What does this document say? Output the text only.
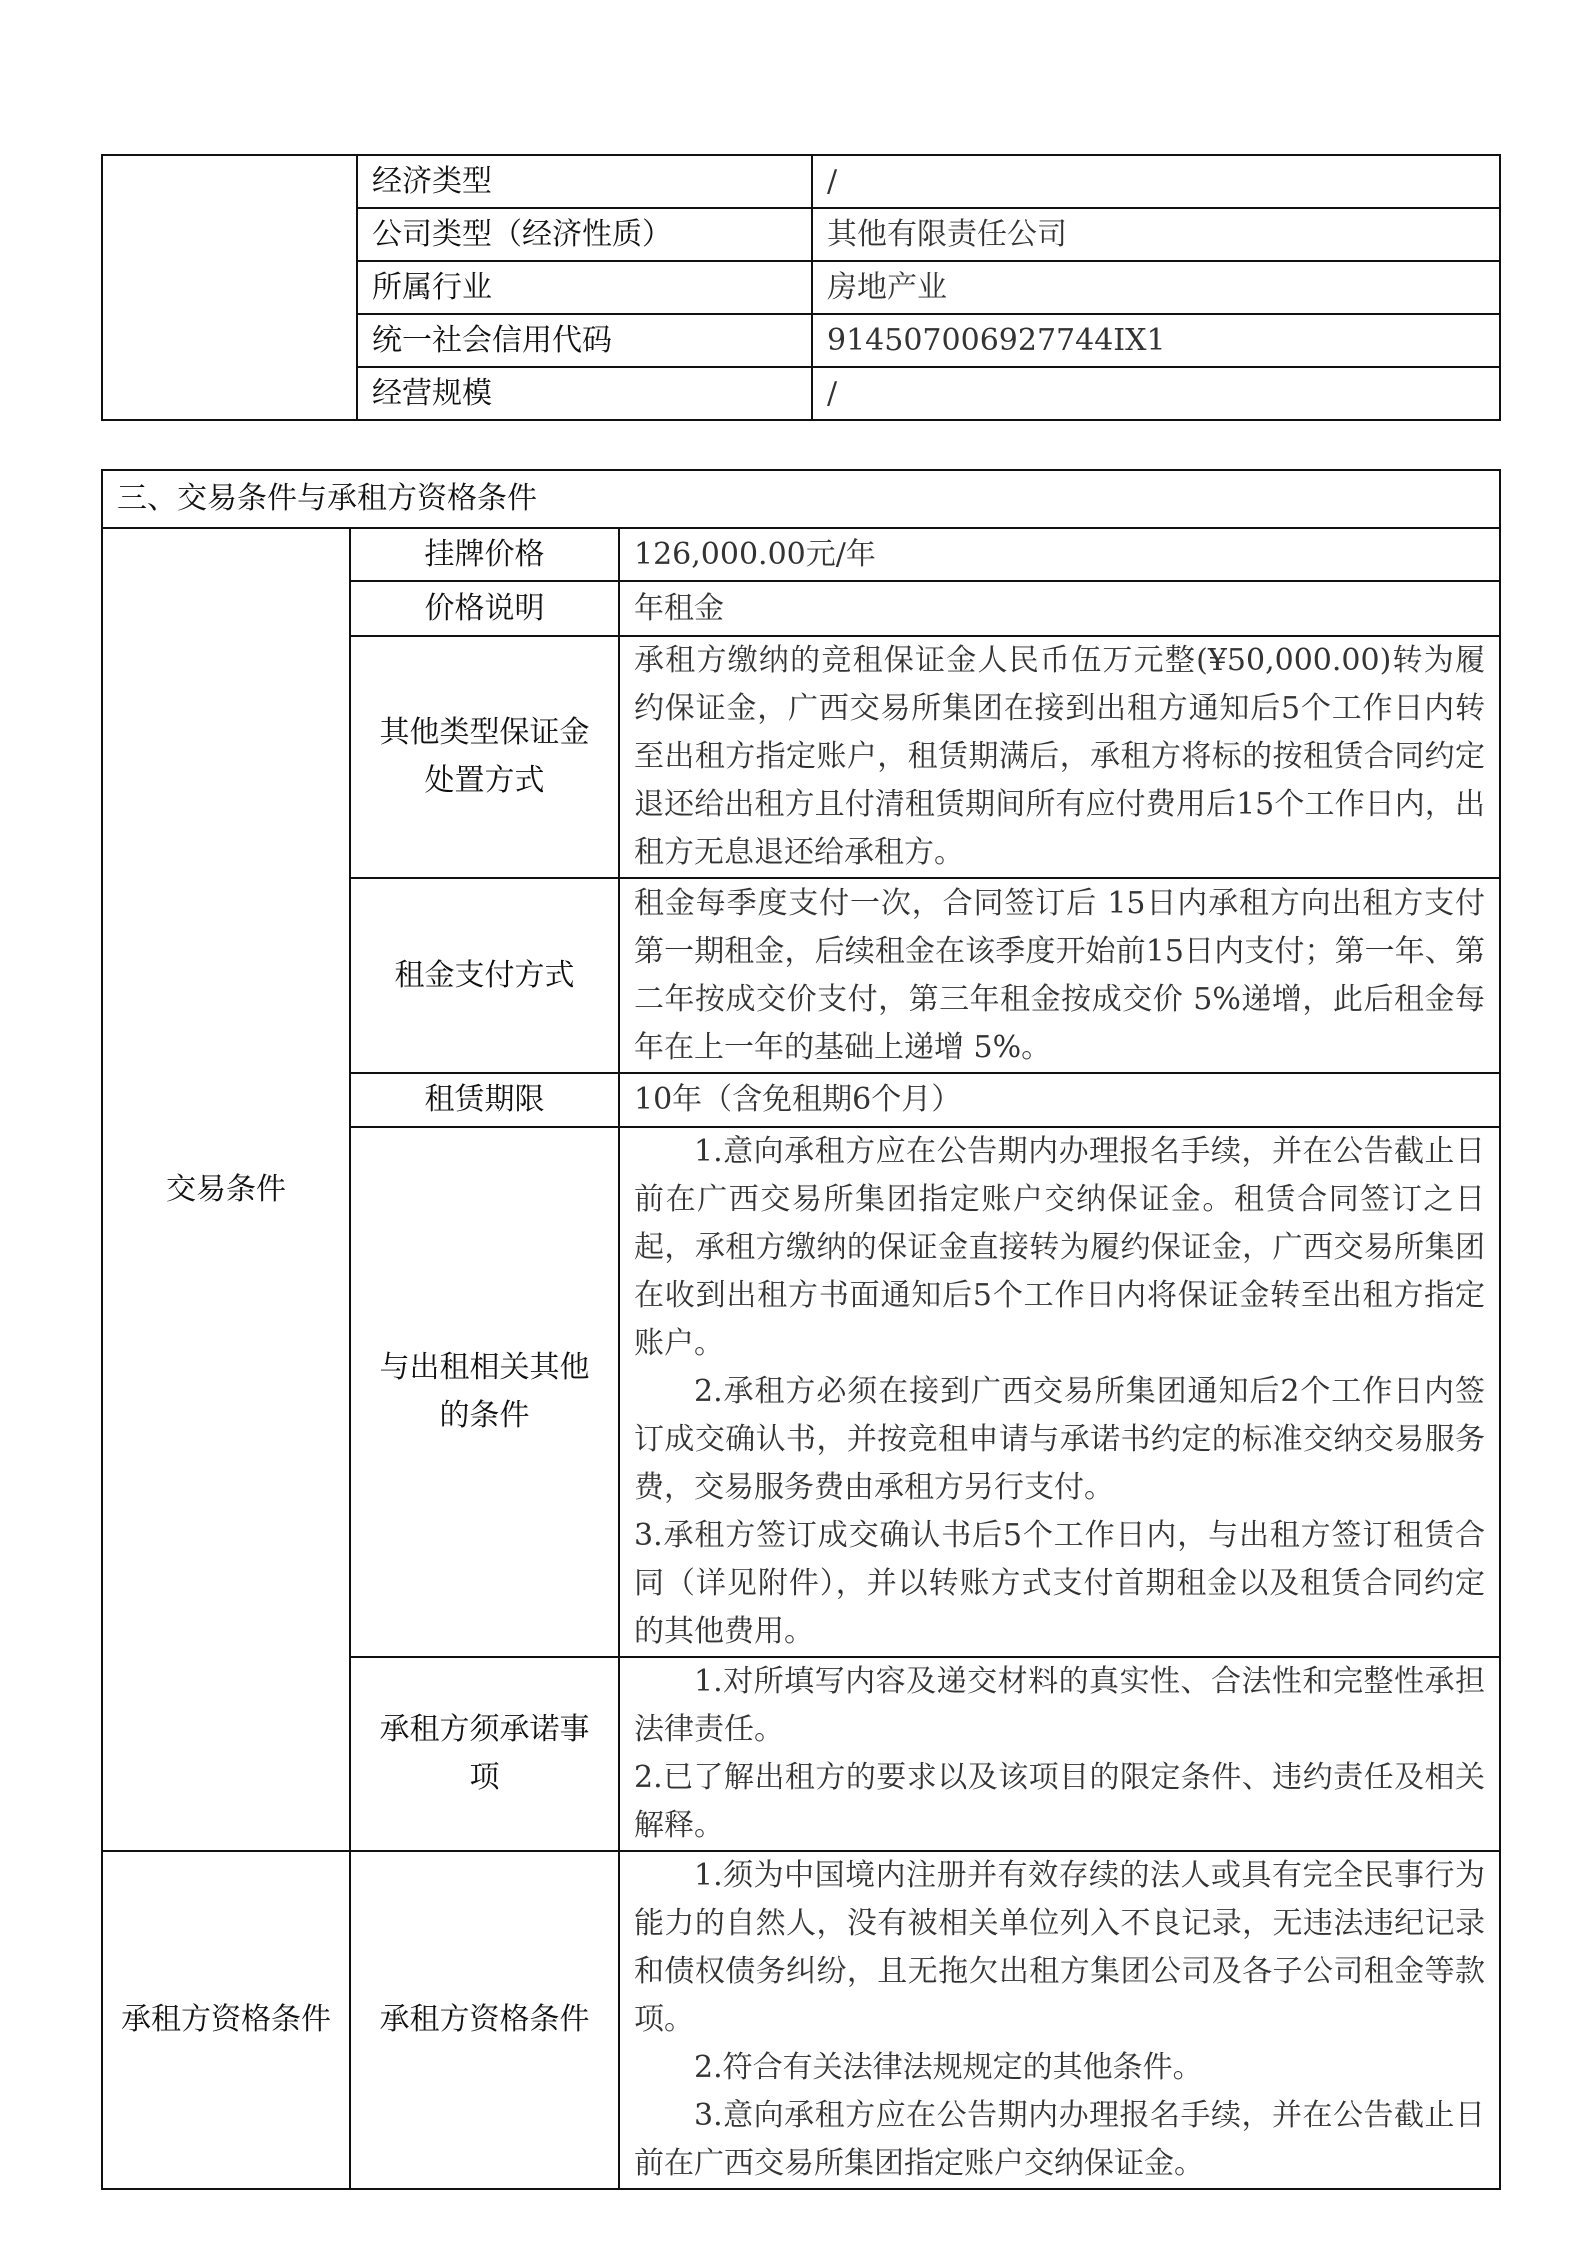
	经济类型	/
	公司类型（经济性质）	其他有限责任公司
	所属行业	房地产业
	统一社会信用代码	914507006927744IX1
	经营规模	/
三、交易条件与承租方资格条件		
交易条件	挂牌价格	126,000.00元/年

	价格说明	年租金

	其他类型保证金处置方式	承租方缴纳的竞租保证金人民币伍万元整(¥50,000.00)转为履约保证金，广西交易所集团在接到出租方通知后5个工作日内转至出租方指定账户，租赁期满后，承租方将标的按租赁合同约定退还给出租方且付清租赁期间所有应付费用后15个工作日内，出租方无息退还给承租方。

	租金支付方式	租金每季度支付一次，合同签订后 15日内承租方向出租方支付第一期租金，后续租金在该季度开始前15日内支付；第一年、第二年按成交价支付，第三年租金按成交价 5%递增，此后租金每年在上一年的基础上递增 5%。

	租赁期限	10年（含免租期6个月）

	与出租相关其他的条件	1.意向承租方应在公告期内办理报名手续，并在公告截止日前在广西交易所集团指定账户交纳保证金。租赁合同签订之日起，承租方缴纳的保证金直接转为履约保证金，广西交易所集团在收到出租方书面通知后5个工作日内将保证金转至出租方指定账户。

2.承租方必须在接到广西交易所集团通知后2个工作日内签订成交确认书，并按竞租申请与承诺书约定的标准交纳交易服务费，交易服务费由承租方另行支付。

3.承租方签订成交确认书后5个工作日内，与出租方签订租赁合同（详见附件），并以转账方式支付首期租金以及租赁合同约定的其他费用。

	承租方须承诺事项	1.对所填写内容及递交材料的真实性、合法性和完整性承担法律责任。

2.已了解出租方的要求以及该项目的限定条件、违约责任及相关解释。

承租方资格条件	承租方资格条件	1.须为中国境内注册并有效存续的法人或具有完全民事行为能力的自然人，没有被相关单位列入不良记录，无违法违纪记录和债权债务纠纷，且无拖欠出租方集团公司及各子公司租金等款项。

2.符合有关法律法规规定的其他条件。

3.意向承租方应在公告期内办理报名手续，并在公告截止日前在广西交易所集团指定账户交纳保证金。
